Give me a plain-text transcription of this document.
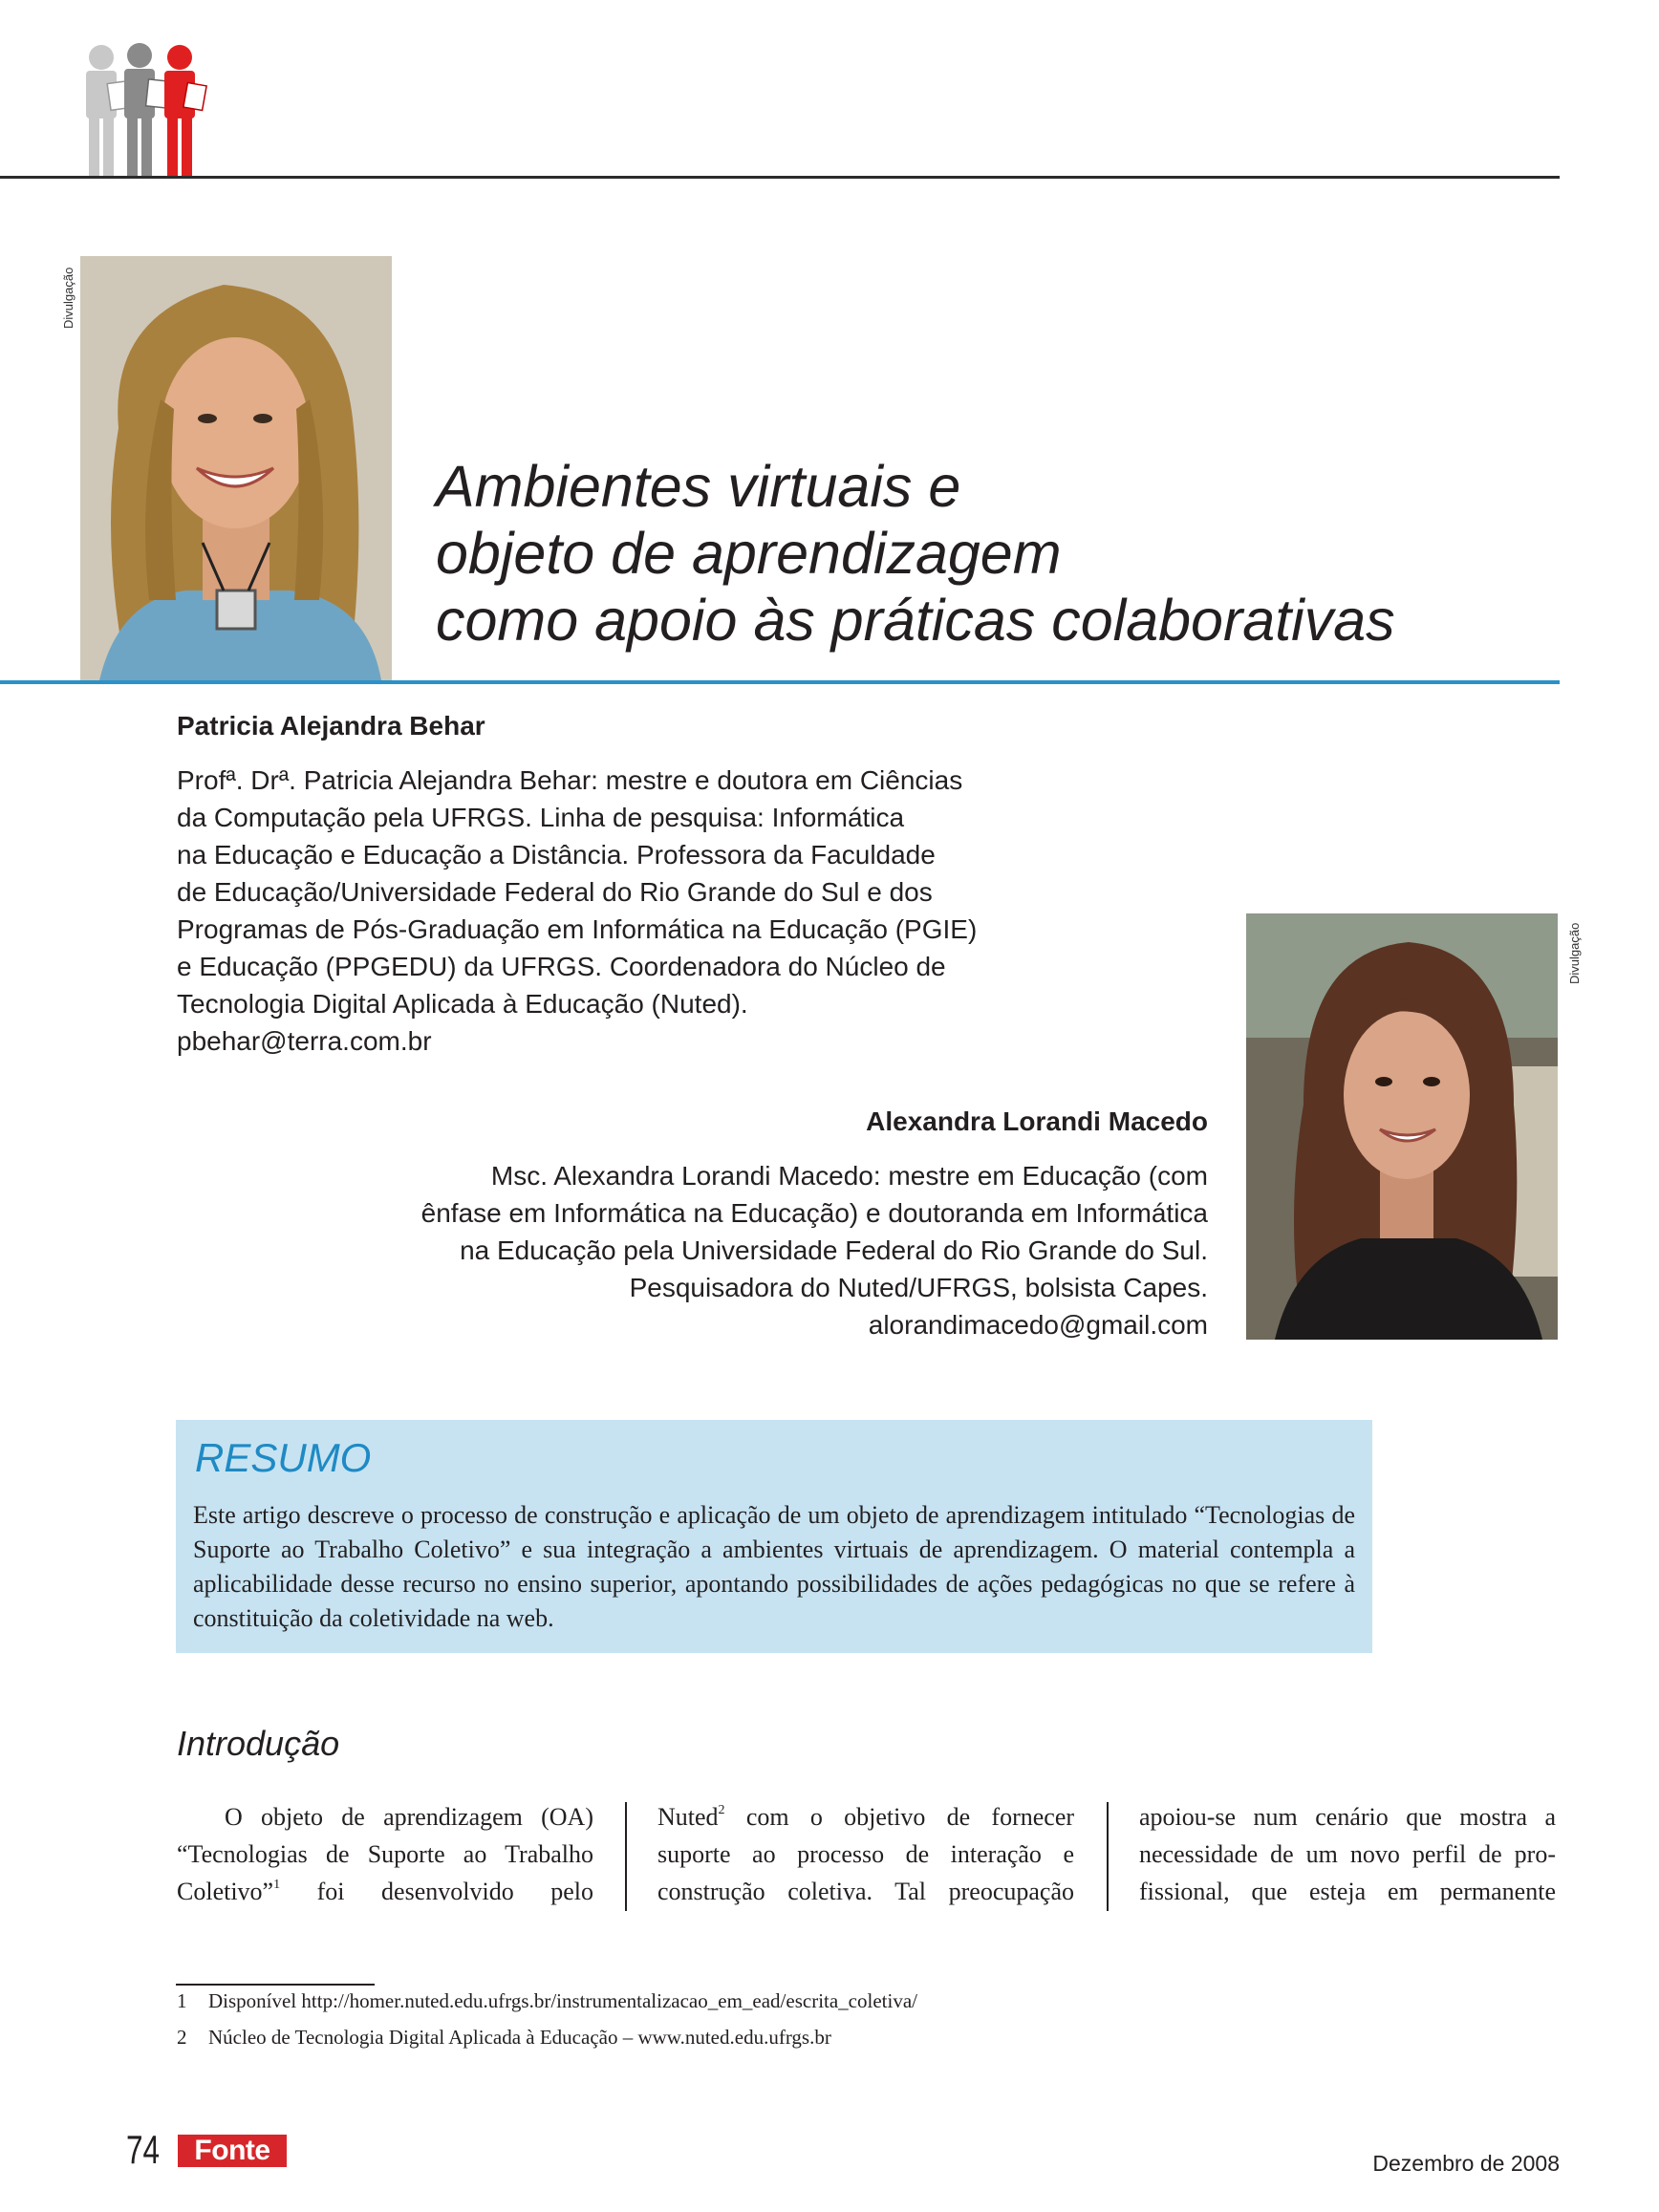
Divulgação
Divulgação
Ambientes virtuais e
objeto de aprendizagem
como apoio às práticas colaborativas
Patricia Alejandra Behar
Profª. Drª. Patricia Alejandra Behar: mestre e doutora em Ciências
da Computação pela UFRGS. Linha de pesquisa: Informática
na Educação e Educação a Distância. Professora da Faculdade
de Educação/Universidade Federal do Rio Grande do Sul e dos
Programas de Pós-Graduação em Informática na Educação (PGIE)
e Educação (PPGEDU) da UFRGS. Coordenadora do Núcleo de
Tecnologia Digital Aplicada à Educação (Nuted).
pbehar@terra.com.br
Alexandra Lorandi Macedo
Msc. Alexandra Lorandi Macedo: mestre em Educação (com
ênfase em Informática na Educação) e doutoranda em Informática
na Educação pela Universidade Federal do Rio Grande do Sul.
Pesquisadora do Nuted/UFRGS, bolsista Capes.
alorandimacedo@gmail.com
RESUMO
Este artigo descreve o processo de construção e aplicação de um objeto de aprendizagem intitulado “Tecnologias de Suporte ao Trabalho Coletivo” e sua integração a ambientes virtuais de aprendizagem. O material contempla a aplicabilidade desse recurso no ensino superior, apontando possibilidades de ações pedagógicas no que se refere à constituição da coletividade na web.
Introdução
O objeto de aprendizagem (OA)
“Tecnologias de Suporte ao Trabalho
Coletivo”$^1$ foi desenvolvido pelo
Nuted$^2$ com o objetivo de fornecer
suporte ao processo de interação e
construção coletiva. Tal preocupação
apoiou-se num cenário que mostra a
necessidade de um novo perfil de pro-
fissional, que esteja em permanente
1 Disponível http://homer.nuted.edu.ufrgs.br/instrumentalizacao_em_ead/escrita_coletiva/
2 Núcleo de Tecnologia Digital Aplicada à Educação – www.nuted.edu.ufrgs.br
74	Fonte	Dezembro de 2008
